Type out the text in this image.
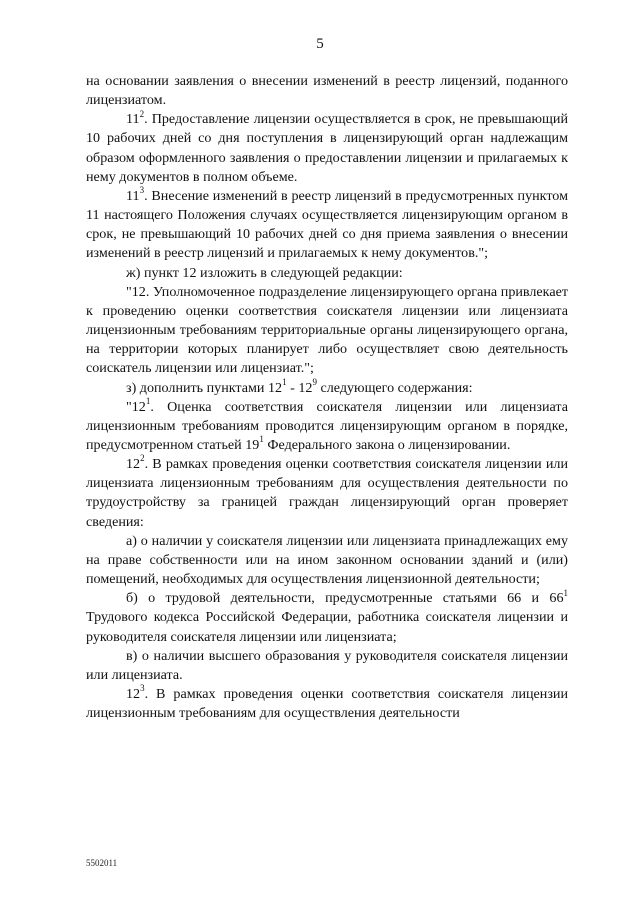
5

на основании заявления о внесении изменений в реестр лицензий, поданного лицензиатом.

$11^2$. Предоставление лицензии осуществляется в срок, не превышающий 10 рабочих дней со дня поступления в лицензирующий орган надлежащим образом оформленного заявления о предоставлении лицензии и прилагаемых к нему документов в полном объеме.

$11^3$. Внесение изменений в реестр лицензий в предусмотренных пунктом 11 настоящего Положения случаях осуществляется лицензирующим органом в срок, не превышающий 10 рабочих дней со дня приема заявления о внесении изменений в реестр лицензий и прилагаемых к нему документов.";

ж) пункт 12 изложить в следующей редакции:

"12. Уполномоченное подразделение лицензирующего органа привлекает к проведению оценки соответствия соискателя лицензии или лицензиата лицензионным требованиям территориальные органы лицензирующего органа, на территории которых планирует либо осуществляет свою деятельность соискатель лицензии или лицензиат.";

з) дополнить пунктами $12^1 - 12^9$ следующего содержания:

"$12^1$. Оценка соответствия соискателя лицензии или лицензиата лицензионным требованиям проводится лицензирующим органом в порядке, предусмотренном статьей $19^1$ Федерального закона о лицензировании.

$12^2$. В рамках проведения оценки соответствия соискателя лицензии или лицензиата лицензионным требованиям для осуществления деятельности по трудоустройству за границей граждан лицензирующий орган проверяет сведения:

а) о наличии у соискателя лицензии или лицензиата принадлежащих ему на праве собственности или на ином законном основании зданий и (или) помещений, необходимых для осуществления лицензионной деятельности;

б) о трудовой деятельности, предусмотренные статьями 66 и $66^1$ Трудового кодекса Российской Федерации, работника соискателя лицензии и руководителя соискателя лицензии или лицензиата;

в) о наличии высшего образования у руководителя соискателя лицензии или лицензиата.

$12^3$. В рамках проведения оценки соответствия соискателя лицензии лицензионным требованиям для осуществления деятельности

5502011
